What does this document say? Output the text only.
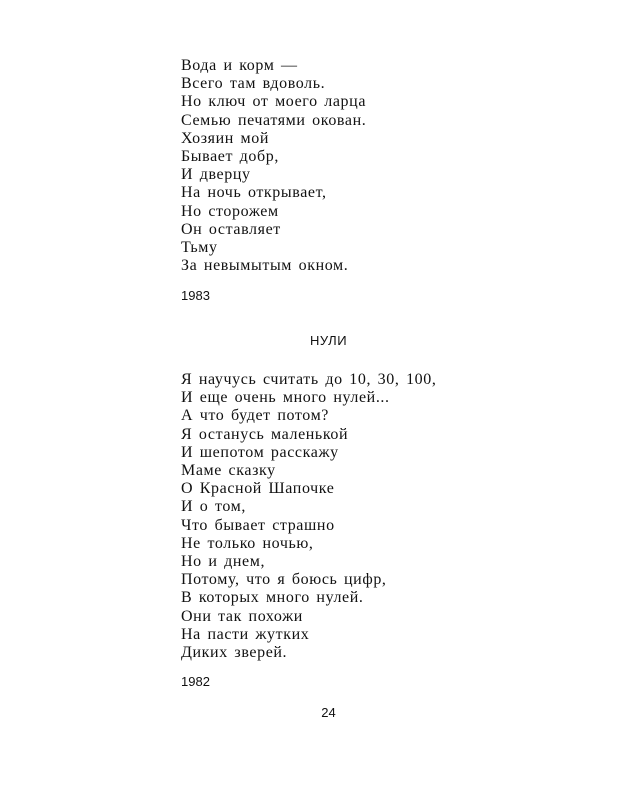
Вода и корм —
Всего там вдоволь.
Но ключ от моего ларца
Семью печатями окован.
Хозяин мой
Бывает добр,
И дверцу
На ночь открывает,
Но сторожем
Он оставляет
Тьму
За невымытым окном.
1983
НУЛИ
Я научусь считать до 10, 30, 100,
И еще очень много нулей...
А что будет потом?
Я останусь маленькой
И шепотом расскажу
Маме сказку
О Красной Шапочке
И о том,
Что бывает страшно
Не только ночью,
Но и днем,
Потому, что я боюсь цифр,
В которых много нулей.
Они так похожи
На пасти жутких
Диких зверей.
1982
24
